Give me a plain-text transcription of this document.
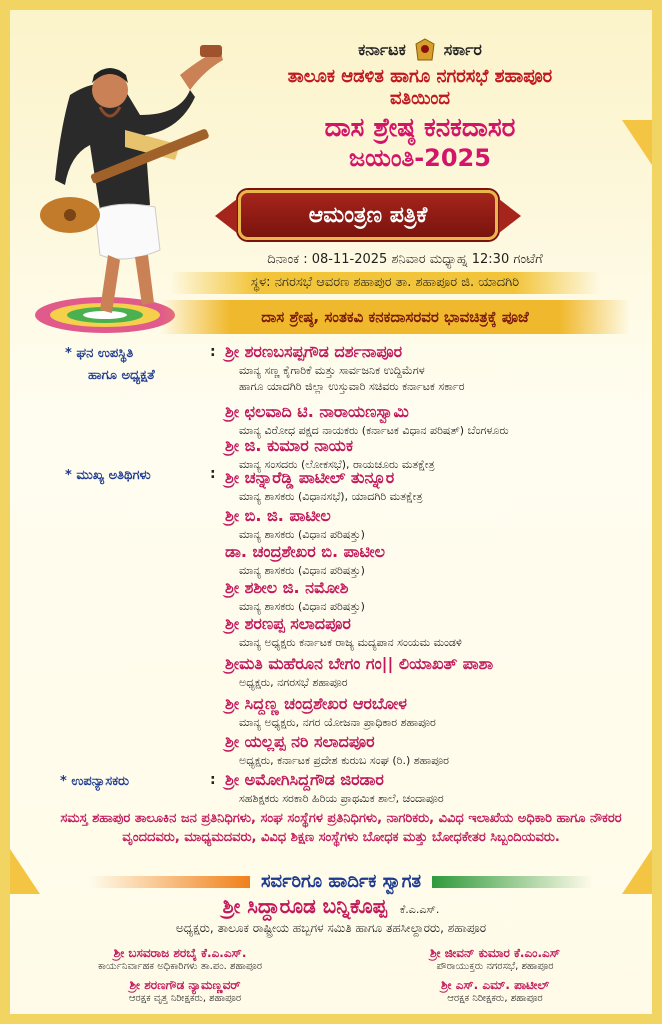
ಕರ್ನಾಟಕ ಸರ್ಕಾರ
ತಾಲೂಕ ಆಡಳಿತ ಹಾಗೂ ನಗರಸಭೆ ಶಹಾಪೂರ
ವತಿಯಿಂದ
ದಾಸ ಶ್ರೇಷ್ಠ ಕನಕದಾಸರ
ಜಯಂತಿ-2025
ಆಮಂತ್ರಣ ಪತ್ರಿಕೆ
ದಿನಾಂಕ : 08-11-2025 ಶನಿವಾರ ಮಧ್ಯಾಹ್ನ 12:30 ಗಂಟೆಗೆ
ಸ್ಥಳ: ನಗರಸಭೆ ಆವರಣ ಶಹಾಪುರ ತಾ. ಶಹಾಪೂರ ಜಿ. ಯಾದಗಿರಿ
ದಾಸ ಶ್ರೇಷ್ಠ, ಸಂತಕವಿ ಕನಕದಾಸರವರ ಭಾವಚಿತ್ರಕ್ಕೆ ಪೂಜೆ
* ಘನ ಉಪಸ್ಥಿತಿ
ಹಾಗೂ ಅಧ್ಯಕ್ಷತೆ
:
* ಮುಖ್ಯ ಅತಿಥಿಗಳು	:
* ಉಪನ್ಯಾಸಕರು	:
ಶ್ರೀ ಶರಣಬಸಪ್ಪಗೌಡ ದರ್ಶನಾಪೂರ
ಮಾನ್ಯ ಸಣ್ಣ ಕೈಗಾರಿಕೆ ಮತ್ತು ಸಾರ್ವಜನಿಕ ಉದ್ದಿಮೆಗಳ
ಹಾಗೂ ಯಾದಗಿರಿ ಜಿಲ್ಲಾ ಉಸ್ತುವಾರಿ ಸಚಿವರು ಕರ್ನಾಟಕ ಸರ್ಕಾರ
ಶ್ರೀ ಛಲವಾದಿ ಟಿ. ನಾರಾಯಣಸ್ವಾಮಿ
ಮಾನ್ಯ ವಿರೋಧ ಪಕ್ಷದ ನಾಯಕರು (ಕರ್ನಾಟಕ ವಿಧಾನ ಪರಿಷತ್) ಬೆಂಗಳೂರು
ಶ್ರೀ ಜಿ. ಕುಮಾರ ನಾಯಕ
ಮಾನ್ಯ ಸಂಸದರು (ಲೋಕಸಭೆ), ರಾಯಚೂರು ಮತಕ್ಷೇತ್ರ
ಶ್ರೀ ಚನ್ನಾರೆಡ್ಡಿ ಪಾಟೀಲ್ ತುನ್ನೂರ
ಮಾನ್ಯ ಶಾಸಕರು (ವಿಧಾನಸಭೆ), ಯಾದಗಿರಿ ಮತಕ್ಷೇತ್ರ
ಶ್ರೀ ಬಿ. ಜಿ. ಪಾಟೀಲ
ಮಾನ್ಯ ಶಾಸಕರು (ವಿಧಾನ ಪರಿಷತ್ತು)
ಡಾ. ಚಂದ್ರಶೇಖರ ಬಿ. ಪಾಟೀಲ
ಮಾನ್ಯ ಶಾಸಕರು (ವಿಧಾನ ಪರಿಷತ್ತು)
ಶ್ರೀ ಶಶೀಲ ಜಿ. ನಮೋಶಿ
ಮಾನ್ಯ ಶಾಸಕರು (ವಿಧಾನ ಪರಿಷತ್ತು)
ಶ್ರೀ ಶರಣಪ್ಪ ಸಲಾದಪೂರ
ಮಾನ್ಯ ಅಧ್ಯಕ್ಷರು ಕರ್ನಾಟಕ ರಾಜ್ಯ ಮದ್ಯಪಾನ ಸಂಯಮ ಮಂಡಳಿ
ಶ್ರೀಮತಿ ಮಹೆರೂನ ಬೇಗಂ ಗಂ|| ಲಿಯಾಖತ್ ಪಾಶಾ
ಅಧ್ಯಕ್ಷರು, ನಗರಸಭೆ ಶಹಾಪೂರ
ಶ್ರೀ ಸಿದ್ದಣ್ಣ ಚಂದ್ರಶೇಖರ ಆರಬೋಳ
ಮಾನ್ಯ ಅಧ್ಯಕ್ಷರು, ನಗರ ಯೋಜನಾ ಪ್ರಾಧಿಕಾರ ಶಹಾಪೂರ
ಶ್ರೀ ಯಲ್ಲಪ್ಪ ನರಿ ಸಲಾದಪೂರ
ಅಧ್ಯಕ್ಷರು, ಕರ್ನಾಟಕ ಪ್ರದೇಶ ಕುರುಬ ಸಂಘ (ರಿ.) ಶಹಾಪೂರ
ಶ್ರೀ ಅಮೋಗಿಸಿದ್ದಗೌಡ ಜಿರಡಾರ
ಸಹಶಿಕ್ಷಕರು ಸರಕಾರಿ ಹಿರಿಯ ಪ್ರಾಥಮಿಕ ಶಾಲೆ, ಚಂದಾಪೂರ
ಸಮಸ್ತ ಶಹಾಪುರ ತಾಲೂಕಿನ ಜನ ಪ್ರತಿನಿಧಿಗಳು, ಸಂಘ ಸಂಸ್ಥೆಗಳ ಪ್ರತಿನಿಧಿಗಳು, ನಾಗರಿಕರು, ವಿವಿಧ ಇಲಾಖೆಯ ಅಧಿಕಾರಿ ಹಾಗೂ ನೌಕರರ ವೃಂದದವರು, ಮಾಧ್ಯಮದವರು, ವಿವಿಧ ಶಿಕ್ಷಣ ಸಂಸ್ಥೆಗಳು ಬೋಧಕ ಮತ್ತು ಬೋಧಕೇತರ ಸಿಬ್ಬಂದಿಯವರು.
ಸರ್ವರಿಗೂ ಹಾರ್ದಿಕ ಸ್ವಾಗತ
ಶ್ರೀ ಸಿದ್ದಾರೂಡ ಬನ್ನಿಕೊಪ್ಪ ಕೆ.ಎ.ಎಸ್.
ಅಧ್ಯಕ್ಷರು, ತಾಲೂಕ ರಾಷ್ಟ್ರೀಯ ಹಬ್ಬಗಳ ಸಮಿತಿ ಹಾಗೂ ತಹಸೀಲ್ದಾರರು, ಶಹಾಪೂರ
ಶ್ರೀ ಬಸವರಾಜ ಶರಬೈ ಕೆ.ಎ.ಎಸ್.
ಕಾರ್ಯನಿರ್ವಾಹಕ ಅಧಿಕಾರಿಗಳು ತಾ.ಪಂ. ಶಹಾಪೂರ
ಶ್ರೀ ಜೀವನ್ ಕುಮಾರ ಕೆ.ಎಂ.ಎಸ್
ಪೌರಾಯುಕ್ತರು ನಗರಸಭೆ, ಶಹಾಪೂರ
ಶ್ರೀ ಶರಣಗೌಡ ನ್ಯಾಮಣ್ಣವರ್
ಆರಕ್ಷಕ ವೃತ್ತ ನಿರೀಕ್ಷಕರು, ಶಹಾಪೂರ
ಶ್ರೀ ಎಸ್. ಎಮ್. ಪಾಟೀಲ್
ಆರಕ್ಷಕ ನಿರೀಕ್ಷಕರು, ಶಹಾಪೂರ
